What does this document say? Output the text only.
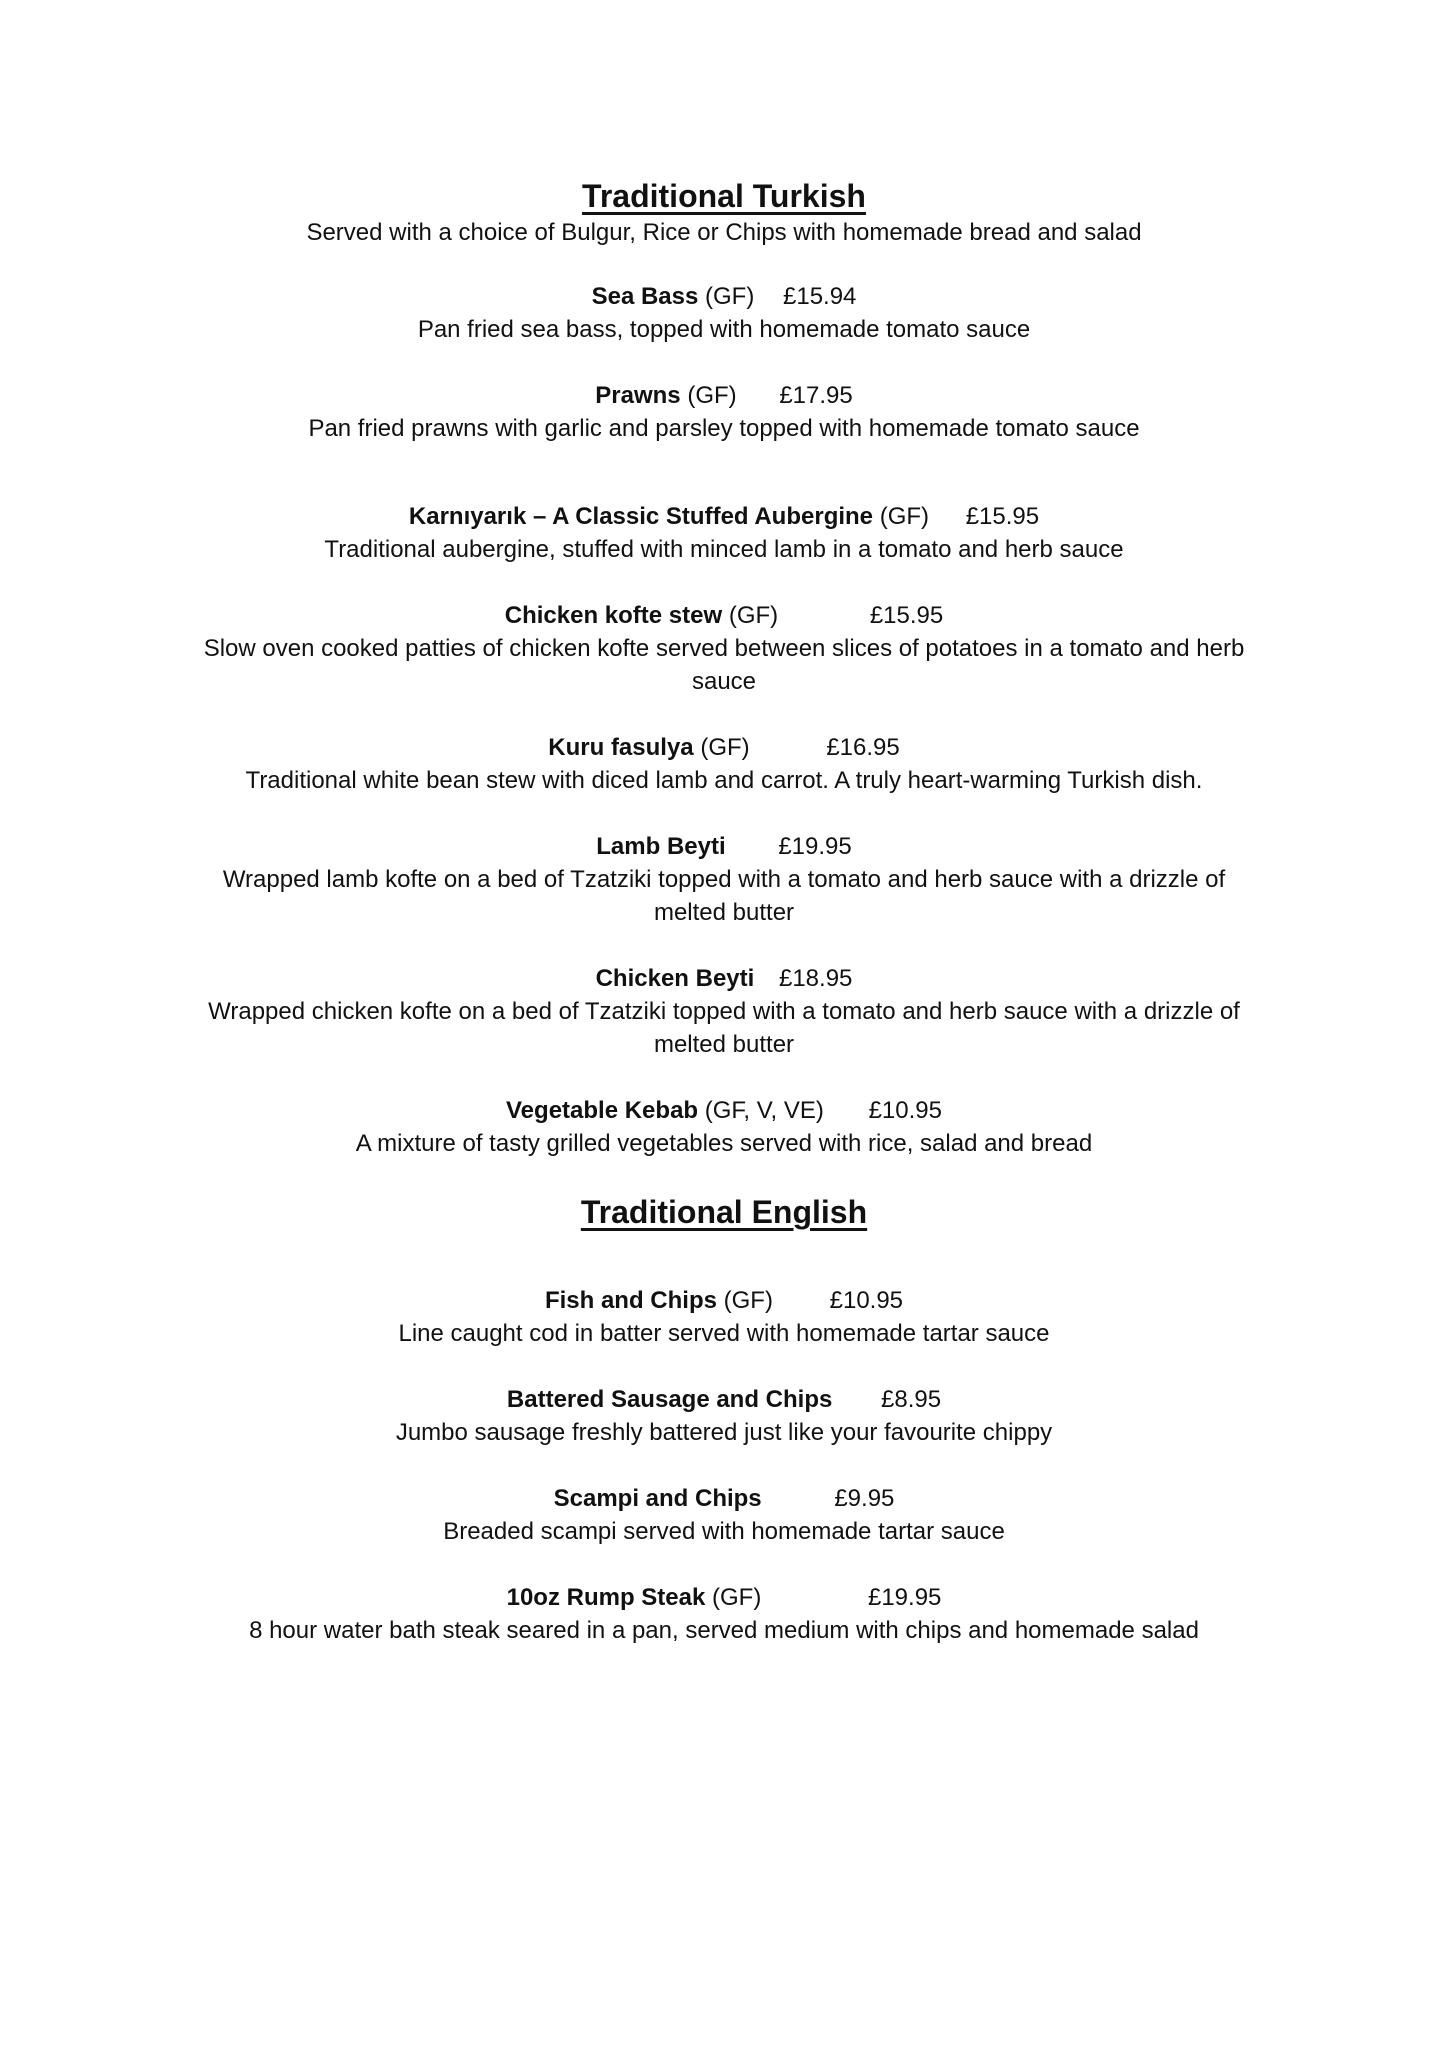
Traditional Turkish

Served with a choice of Bulgur, Rice or Chips with homemade bread and salad

Sea Bass (GF) £15.94

Pan fried sea bass, topped with homemade tomato sauce

Prawns (GF) £17.95

Pan fried prawns with garlic and parsley topped with homemade tomato sauce

Karnıyarık – A Classic Stuffed Aubergine (GF) £15.95

Traditional aubergine, stuffed with minced lamb in a tomato and herb sauce

Chicken kofte stew (GF)	£15.95

Slow oven cooked patties of chicken kofte served between slices of potatoes in a tomato and herb sauce

Kuru fasulya (GF)	£16.95

Traditional white bean stew with diced lamb and carrot. A truly heart-warming Turkish dish.

Lamb Beyti £19.95

Wrapped lamb kofte on a bed of Tzatziki topped with a tomato and herb sauce with a drizzle of melted butter

Chicken Beyti £18.95

Wrapped chicken kofte on a bed of Tzatziki topped with a tomato and herb sauce with a drizzle of melted butter

Vegetable Kebab (GF, V, VE) £10.95

A mixture of tasty grilled vegetables served with rice, salad and bread

Traditional English
Fish and Chips (GF) £10.95

Line caught cod in batter served with homemade tartar sauce

Battered Sausage and Chips £8.95

Jumbo sausage freshly battered just like your favourite chippy

Scampi and Chips	£9.95

Breaded scampi served with homemade tartar sauce

10oz Rump Steak (GF)	£19.95

8 hour water bath steak seared in a pan, served medium with chips and homemade salad
